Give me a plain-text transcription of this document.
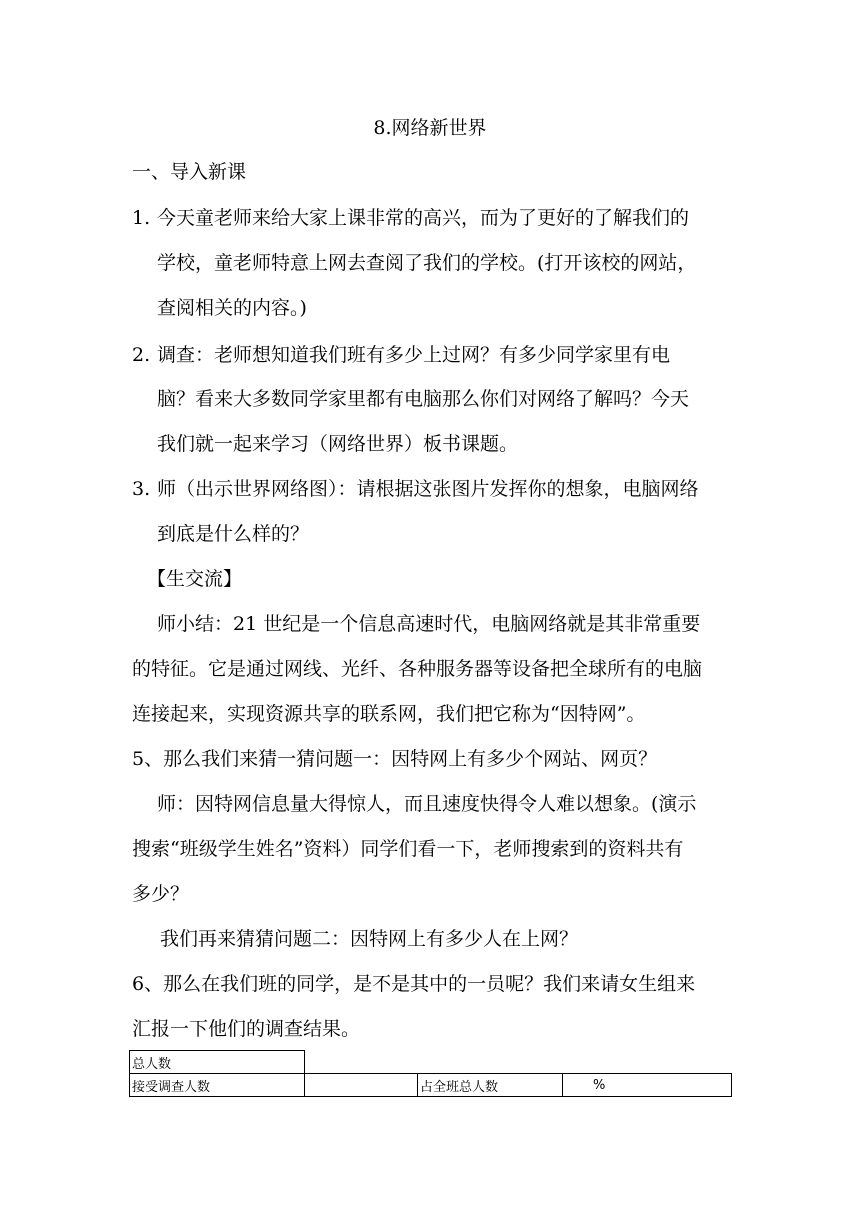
8.网络新世界
一、导入新课
1. 今天童老师来给大家上课非常的高兴，而为了更好的了解我们的
学校，童老师特意上网去查阅了我们的学校。(打开该校的网站，
查阅相关的内容。)
2. 调查：老师想知道我们班有多少上过网？有多少同学家里有电
脑？看来大多数同学家里都有电脑那么你们对网络了解吗？今天
我们就一起来学习（网络世界）板书课题。
3. 师（出示世界网络图）：请根据这张图片发挥你的想象，电脑网络
到底是什么样的？
【生交流】
师小结：21 世纪是一个信息高速时代，电脑网络就是其非常重要
的特征。它是通过网线、光纤、各种服务器等设备把全球所有的电脑
连接起来，实现资源共享的联系网，我们把它称为“因特网”。
5、那么我们来猜一猜问题一：因特网上有多少个网站、网页？
师：因特网信息量大得惊人，而且速度快得令人难以想象。(演示
搜索“班级学生姓名”资料）同学们看一下，老师搜索到的资料共有
多少？
我们再来猜猜问题二：因特网上有多少人在上网？
6、那么在我们班的同学，是不是其中的一员呢？我们来请女生组来
汇报一下他们的调查结果。
总人数			
接受调查人数		占全班总人数	%
